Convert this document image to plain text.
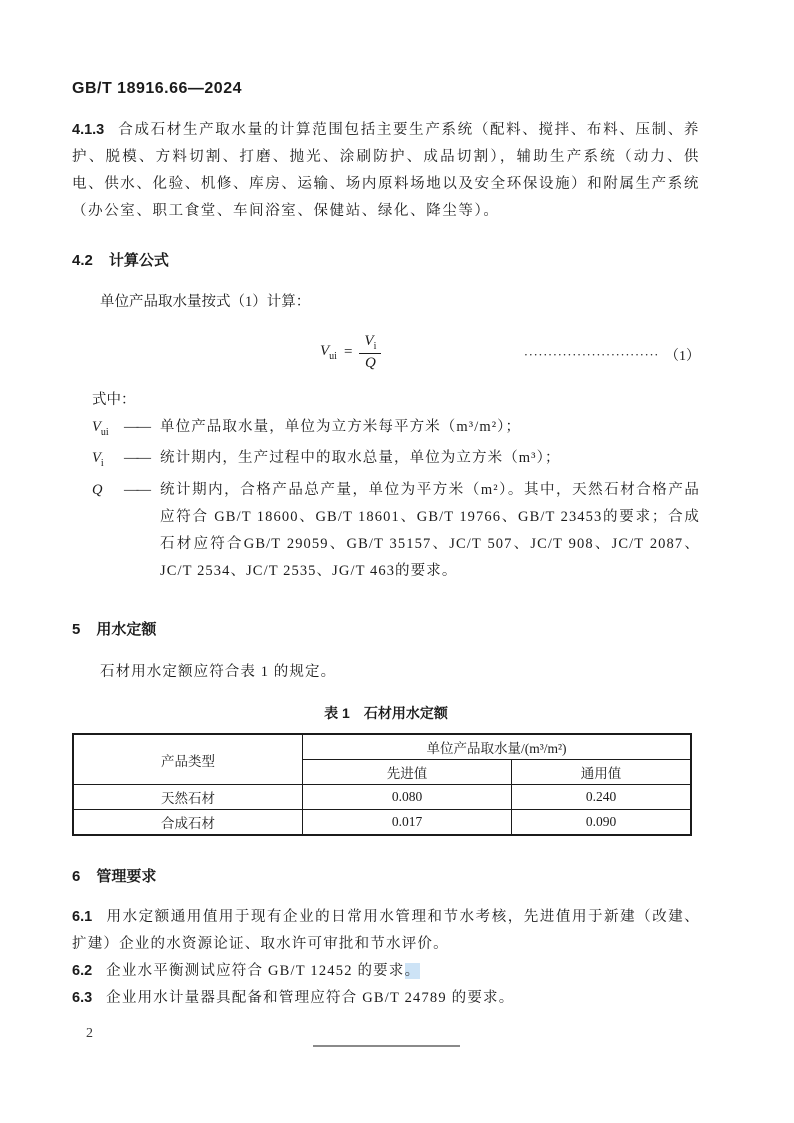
GB/T 18916.66—2024

4.1.3 合成石材生产取水量的计算范围包括主要生产系统（配料、搅拌、布料、压制、养护、脱模、方料切割、打磨、抛光、涂刷防护、成品切割），辅助生产系统（动力、供电、供水、化验、机修、库房、运输、场内原料场地以及安全环保设施）和附属生产系统（办公室、职工食堂、车间浴室、保健站、绿化、降尘等）。

4.2 计算公式

单位产品取水量按式（1）计算：

$V_{ui} = \frac{V_i}{Q}$	···························· （1）

式中：

$V_{ui}$	—— 单位产品取水量，单位为立方米每平方米（m³/m²）；
$V_i$	—— 统计期内，生产过程中的取水总量，单位为立方米（m³）；
Q	—— 统计期内，合格产品总产量，单位为平方米（m²）。其中，天然石材合格产品应符合 GB/T 18600、GB/T 18601、GB/T 19766、GB/T 23453的要求；合成石材应符合GB/T 29059、GB/T 35157、JC/T 507、JC/T 908、JC/T 2087、JC/T 2534、JC/T 2535、JG/T 463的要求。
5 用水定额

石材用水定额应符合表 1 的规定。

表 1　石材用水定额
产品类型	单位产品取水量/(m³/m²)	
	先进值	通用值
天然石材	0.080	0.240
合成石材	0.017	0.090
6 管理要求

6.1 用水定额通用值用于现有企业的日常用水管理和节水考核，先进值用于新建（改建、扩建）企业的水资源论证、取水许可审批和节水评价。

6.2 企业水平衡测试应符合 GB/T 12452 的要求。

6.3 企业用水计量器具配备和管理应符合 GB/T 24789 的要求。

2
